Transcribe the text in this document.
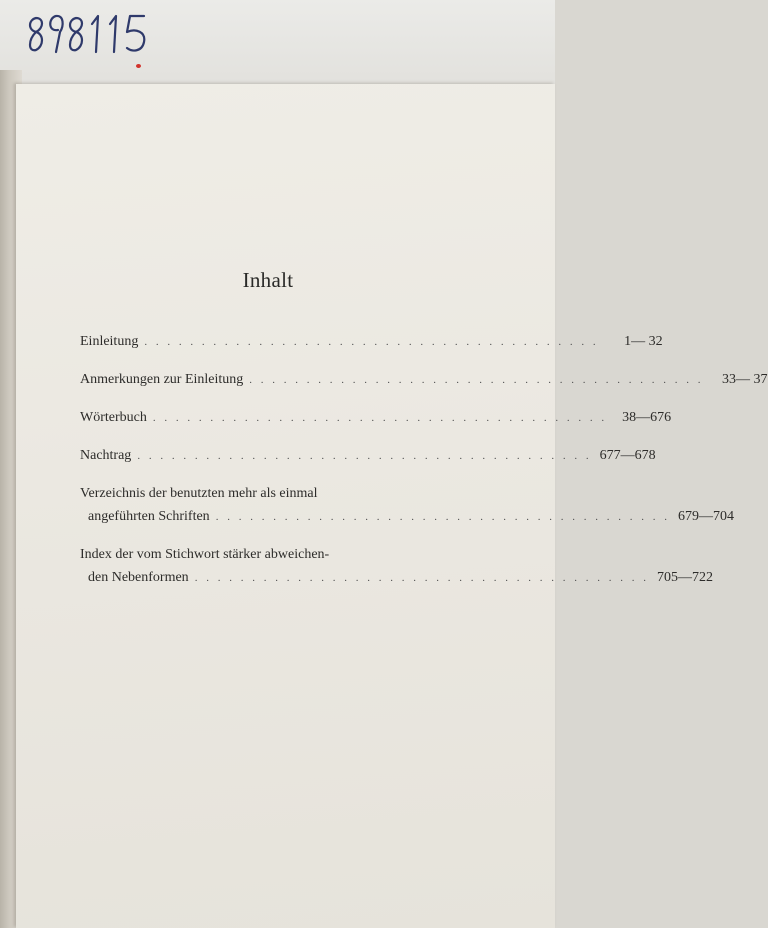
Inhalt
Einleitung . . . . . . . . . . . . . . . . . . . . . . . . . . . . . . . . . . . . . . . .	1— 32
Anmerkungen zur Einleitung . . . . . . . . . . . . . . . . . . . . . . . . . . . . . . . . . . . . . . . .	33— 37
Wörterbuch . . . . . . . . . . . . . . . . . . . . . . . . . . . . . . . . . . . . . . . .	38—676
Nachtrag . . . . . . . . . . . . . . . . . . . . . . . . . . . . . . . . . . . . . . . . 677—678
Verzeichnis der benutzten mehr als einmal
angeführten Schriften . . . . . . . . . . . . . . . . . . . . . . . . . . . . . . . . . . . . . . . . 679—704
Index der vom Stichwort stärker abweichen-
den Nebenformen . . . . . . . . . . . . . . . . . . . . . . . . . . . . . . . . . . . . . . . . 705—722
